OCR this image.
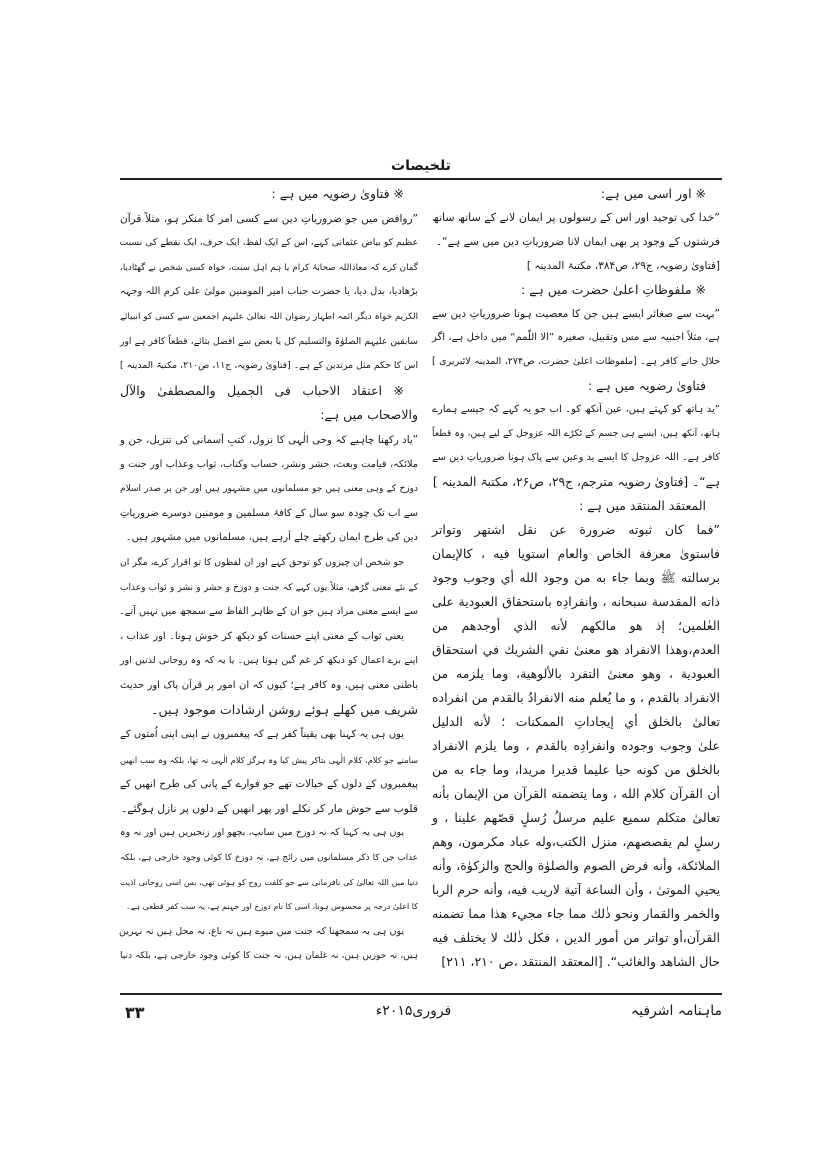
تلخیصات
※ اور اسی میں ہے:
”خدا کی توحید اور اس کے رسولوں پر ایمان لانے کے ساتھ ساتھ
فرشتوں کے وجود پر بھی ایمان لانا ضروریاتِ دین میں سے ہے“۔
[فتاویٰ رضویہ، ج۲۹، ص۳۸۴، مکتبۃ المدینہ ]
※ ملفوظاتِ اعلیٰ حضرت میں ہے :
”بہت سے صغائر ایسے ہیں جن کا معصیت ہونا ضروریاتِ دین سے
ہے، مثلاً اجنبیہ سے مس وتقبیل، صغیرہ ”الا اللّمم“ میں داخل ہے، اگر
حلال جانے کافر ہے۔ [ملفوظات اعلیٰ حضرت، ص۲۷۴، المدینہ لائبریری ]
فتاویٰ رضویہ میں ہے :
”ید ہاتھ کو کہتے ہیں، عین آنکھ کو۔ اب جو یہ کہے کہ جیسے ہمارے
ہاتھ، آنکھ ہیں، ایسے ہی جسم کے ٹکڑے اللہ عزوجل کے لیے ہیں، وہ قطعاً
کافر ہے۔ اللہ عزوجل کا ایسے ید وعین سے پاک ہونا ضروریاتِ دین سے
ہے“۔ [فتاویٰ رضویہ مترجم، ج۲۹، ص۲۶، مکتبۃ المدینہ ]
المعتقد المنتقد میں ہے :
”فما كان ثبوته ضرورة عن نقل اشتهر وتواتر
فاستوىٰ معرفة الخاص والعام استويا فيه ، كالإيمان
برسالته ﷺ وبما جاء به من وجود الله أي وجوب وجود
ذاته المقدسة سبحانه ، وانفرادِه باستحقاق العبودية على
العٰلمين؛ إذ هو مالكهم لأنه الذي أوجدهم من
العدم،وهذا الانفراد هو معنىٰ نفي الشريك في استحقاق
العبودية ، وهو معنىٰ التفرد بالألوهية، وما يلزمه من
الانفراد بالقدم ، و ما يُعلم منه الانفرادُ بالقدم من انفراده
تعالىٰ بالخلق أي إيجاداتِ الممكنات ؛ لأنه الدليل
علىٰ وجوب وجوده وانفرادِه بالقدم ، وما يلزم الانفراد
بالخلق من كونه حيا عليما قديرا مريدا، وما جاء به من
أن القرآن كلام الله ، وما يتضمنه القرآن من الإيمان بأنه
تعالىٰ متكلم سميع عليم مرسلُ رُسلٍ قصّهم علينا ، و
رسلٍ لم يقصصهم، منزل الكتب،وله عباد مكرمون، وهم
الملائكة، وأنه فرض الصوم والصلوٰة والحج والزكوٰة، وأنه
يحيي الموتىٰ ، وأن الساعة آتية لاريب فيه، وأنه حرم الربا
والخمر والقمار ونحو ذٰلك مما جاء مجيء هذا مما تضمنه
القرآن،أو تواتر من أمور الدين ، فكل ذٰلك لا يختلف فيه
حال الشاهد والغائب“. [المعتقد المنتقد ،ص ۲۱۰، ۲۱۱]
※ فتاویٰ رضویہ میں ہے :
”روافض میں جو ضروریاتِ دین سے کسی امر کا منکر ہو، مثلاً قرآن
عظیم کو بیاض عثمانی کہے، اس کے ایک لفظ، ایک حرف، ایک نقطے کی نسبت
گمان کرے کہ معاذاللہ صحابۂ کرام یا ہم اہل سنت، خواہ کسی شخص نے گھٹادیا،
بڑھادیا، بدل دیا، یا حضرت جناب امیر المومنین مولیٰ علی کرم اللہ وجہہ
الکریم خواہ دیگر ائمہ اطہار رضوان اللہ تعالیٰ علیہم اجمعین سے کسی کو انبیائے
سابقین علیہم الصلوٰۃ والتسلیم کل یا بعض سے افضل بتائے، قطعاً کافر ہے اور
اس کا حکم مثل مرتدین کے ہے۔ [فتاویٰ رضویہ، ج۱۱، ص۲۱۰، مکتبۃ المدینہ ]
※ اعتقاد الاحباب فی الجمیل والمصطفیٰ والآل
والاصحاب میں ہے:
”یاد رکھنا چاہیے کہ وحی الٰہی کا نزول، کتبِ آسمانی کی تنزیل، جن و
ملائکہ، قیامت وبعث، حشر ونشر، حساب وکتاب، ثواب وعذاب اور جنت و
دوزخ کے وہی معنی ہیں جو مسلمانوں میں مشہور ہیں اور جن پر صدر اسلام
سے اب تک چودہ سو سال کے کافۂ مسلمین و مومنین دوسرے ضروریاتِ
دین کی طرح ایمان رکھتے چلے آرہے ہیں، مسلمانوں میں مشہور ہیں۔
جو شخص ان چیزوں کو توحق کہے اور ان لفظوں کا تو اقرار کرے، مگر ان
کے نئے معنی گڑھے، مثلاً یوں کہے کہ جنت و دوزخ و حشر و نشر و ثواب وعذاب
سے ایسے معنی مراد ہیں جو ان کے ظاہر الفاظ سے سمجھ میں نہیں آتے۔
یعنی ثواب کے معنی اپنے حسنات کو دیکھ کر خوش ہونا۔ اور عذاب ،
اپنے برے اعمال کو دیکھ کر غم گین ہونا ہیں۔ یا یہ کہ وہ روحانی لذتیں اور
باطنی معنی ہیں، وہ کافر ہے؛ کیوں کہ ان امور پر قرآن پاک اور حدیث
شریف میں کھلے ہوئے روشن ارشادات موجود ہیں۔
یوں ہی یہ کہنا بھی یقیناً کفر ہے کہ پیغمبروں نے اپنی اپنی اُمتوں کے
سامنے جو کلام، کلام الٰہی بتاکر پیش کیا وہ ہرگز کلام الٰہی نہ تھا، بلکہ وہ سب انھیں
پیغمبروں کے دلوں کے خیالات تھے جو فوارے کے پانی کی طرح انھیں کے
قلوب سے جوش مار کر نکلے اور پھر انھیں کے دلوں پر نازل ہوگئے۔
یوں ہی یہ کہنا کہ نہ دوزخ میں سانپ، بچھو اور زنجیریں ہیں اور نہ وہ
عذاب جن کا ذکر مسلمانوں میں رائج ہے، نہ دوزخ کا کوئی وجود خارجی ہے، بلکہ
دنیا میں اللہ تعالیٰ کی نافرمانی سے جو کلفت روح کو ہوئی تھی، بس اسی روحانی اذیت
کا اعلیٰ درجہ پر محسوس ہونا، اسی کا نام دوزخ اور جہنم ہے، یہ سب کفر قطعی ہے۔
یوں ہی یہ سمجھنا کہ جنت میں میوے ہیں نہ باغ، نہ محل ہیں نہ نہریں
ہیں، نہ حوریں ہیں، نہ غلمان ہیں، نہ جنت کا کوئی وجود خارجی ہے، بلکہ دنیا
ماہنامہ اشرفیہ
فروری۲۰۱۵ء
۳۳
